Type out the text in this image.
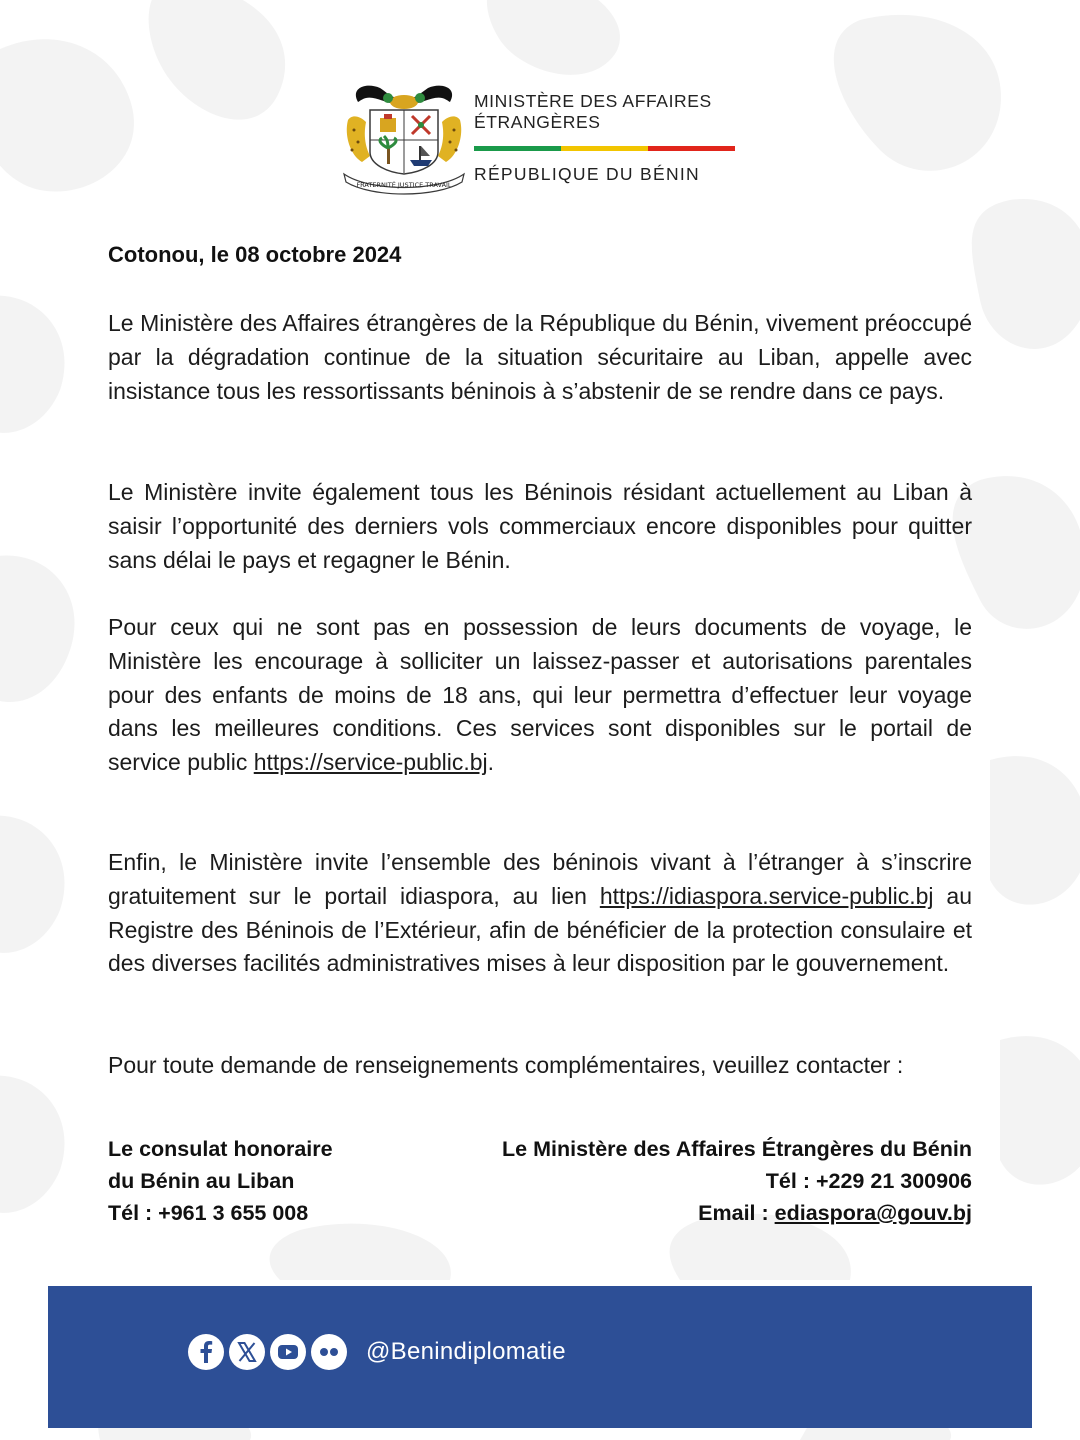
FRATERNITÉ JUSTICE TRAVAIL
MINISTÈRE DES AFFAIRES
ÉTRANGÈRES
RÉPUBLIQUE DU BÉNIN
Cotonou, le 08 octobre 2024

Le Ministère des Affaires étrangères de la République du Bénin, vivement préoccupé par la dégradation continue de la situation sécuritaire au Liban, appelle avec insistance tous les ressortissants béninois à s’abstenir de se rendre dans ce pays.

Le Ministère invite également tous les Béninois résidant actuellement au Liban à saisir l’opportunité des derniers vols commerciaux encore disponibles pour quitter sans délai le pays et regagner le Bénin.

Pour ceux qui ne sont pas en possession de leurs documents de voyage, le Ministère les encourage à solliciter un laissez-passer et autorisations parentales pour des enfants de moins de 18 ans, qui leur permettra d’effectuer leur voyage dans les meilleures conditions. Ces services sont disponibles sur le portail de service public https://service-public.bj.

Enfin, le Ministère invite l’ensemble des béninois vivant à l’étranger à s’inscrire gratuitement sur le portail idiaspora, au lien https://idiaspora.service-public.bj au Registre des Béninois de l’Extérieur, afin de bénéficier de la protection consulaire et des diverses facilités administratives mises à leur disposition par le gouvernement.

Pour toute demande de renseignements complémentaires, veuillez contacter :

Le consulat honoraire
du Bénin au Liban
Tél : +961 3 655 008
Le Ministère des Affaires Étrangères du Bénin
Tél : +229 21 300906
Email : ediaspora@gouv.bj
@Benindiplomatie
